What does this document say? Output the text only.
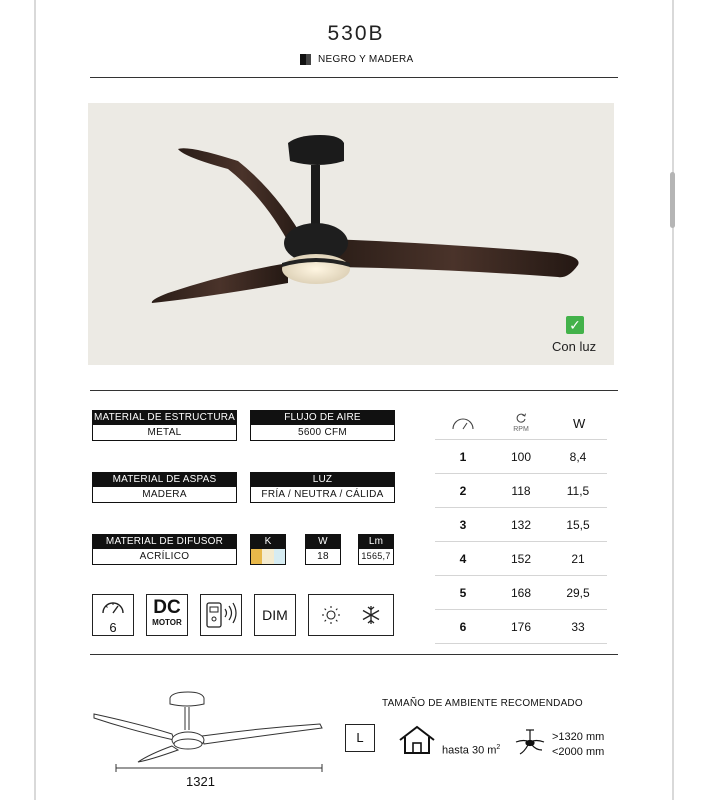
530B
NEGRO Y MADERA
✓
Con luz
MATERIAL DE ESTRUCTURA
METAL
FLUJO DE AIRE
5600 CFM
MATERIAL DE ASPAS
MADERA
LUZ
FRÍA / NEUTRA / CÁLIDA
MATERIAL DE DIFUSOR
ACRÍLICO
K	W
18
Lm
1565,7
6
DC
MOTOR	DIM
RPM	W
1	100	8,4
2	118	11,5
3	132	15,5
4	152	21
5	168	29,5
6	176	33
1321
TAMAÑO DE AMBIENTE RECOMENDADO
L
hasta 30 $m^2$
>1320 mm
<2000 mm
